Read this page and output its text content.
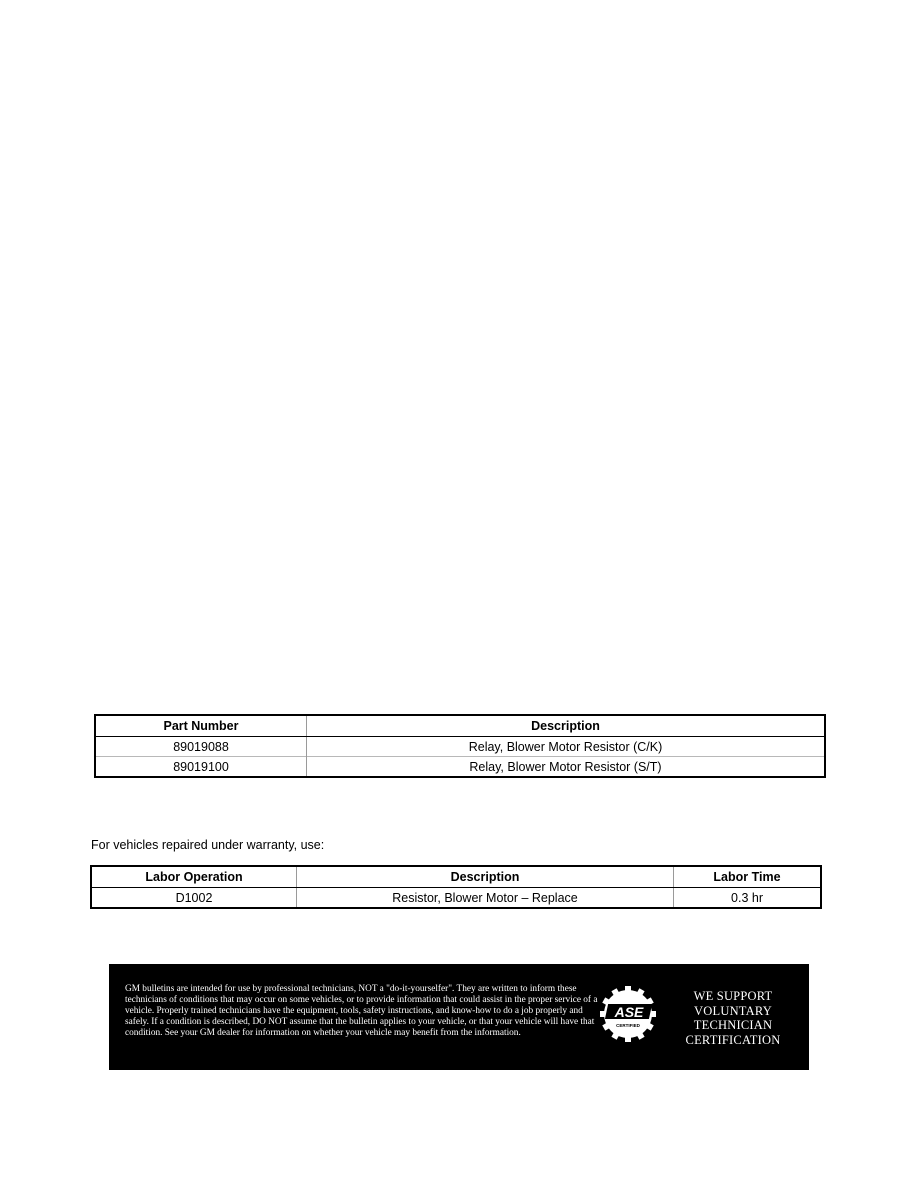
Part Number	Description
89019088	Relay, Blower Motor Resistor (C/K)
89019100	Relay, Blower Motor Resistor (S/T)
For vehicles repaired under warranty, use:
Labor Operation	Description	Labor Time
D1002	Resistor, Blower Motor – Replace	0.3 hr

GM bulletins are intended for use by professional technicians, NOT a "do-it-yourselfer". They are written to inform these technicians of conditions that may occur on some vehicles, or to provide information that could assist in the proper service of a vehicle. Properly trained technicians have the equipment, tools, safety instructions, and know-how to do a job properly and safely. If a condition is described, DO NOT assume that the bulletin applies to your vehicle, or that your vehicle will have that condition. See your GM dealer for information on whether your vehicle may benefit from the information.

ASE
CERTIFIED
WE SUPPORT
VOLUNTARY
TECHNICIAN
CERTIFICATION
